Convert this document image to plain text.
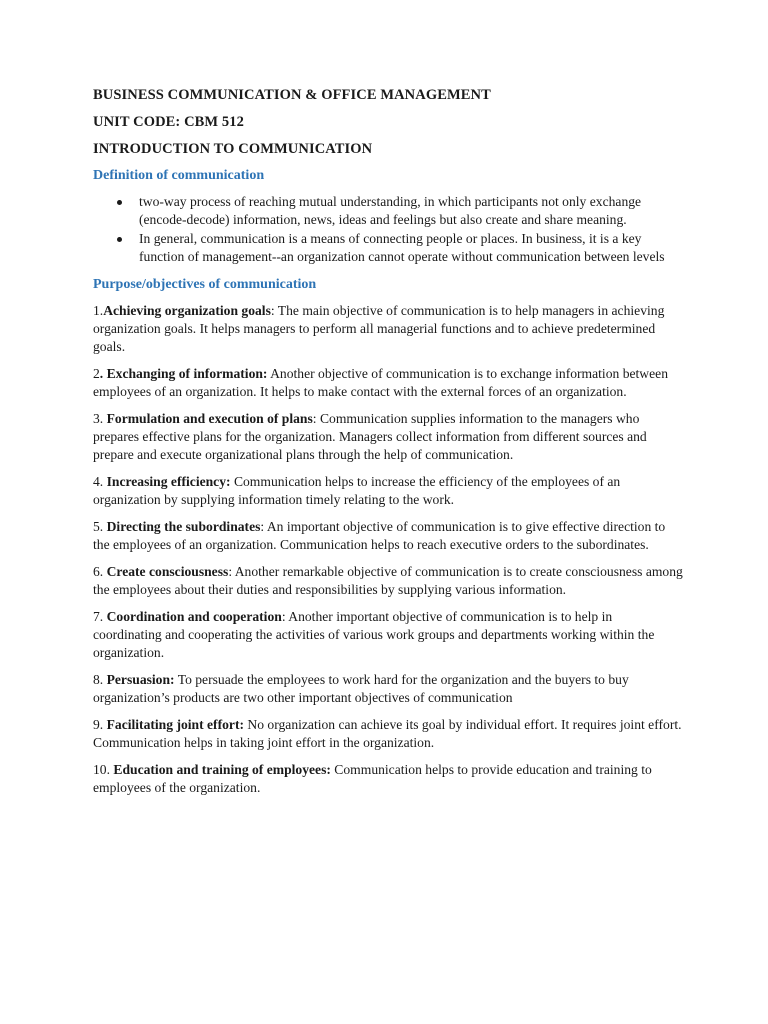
BUSINESS COMMUNICATION & OFFICE MANAGEMENT
UNIT CODE: CBM 512
INTRODUCTION TO COMMUNICATION
Definition of communication
two-way process of reaching mutual understanding, in which participants not only exchange (encode-decode) information, news, ideas and feelings but also create and share meaning.
In general, communication is a means of connecting people or places. In business, it is a key function of management--an organization cannot operate without communication between levels
Purpose/objectives of communication

1.Achieving organization goals: The main objective of communication is to help managers in achieving organization goals. It helps managers to perform all managerial functions and to achieve predetermined goals.

2. Exchanging of information: Another objective of communication is to exchange information between employees of an organization. It helps to make contact with the external forces of an organization.

3. Formulation and execution of plans: Communication supplies information to the managers who prepares effective plans for the organization. Managers collect information from different sources and prepare and execute organizational plans through the help of communication.

4. Increasing efficiency: Communication helps to increase the efficiency of the employees of an organization by supplying information timely relating to the work.

5. Directing the subordinates: An important objective of communication is to give effective direction to the employees of an organization. Communication helps to reach executive orders to the subordinates.

6. Create consciousness: Another remarkable objective of communication is to create consciousness among the employees about their duties and responsibilities by supplying various information.

7. Coordination and cooperation: Another important objective of communication is to help in coordinating and cooperating the activities of various work groups and departments working within the organization.

8. Persuasion: To persuade the employees to work hard for the organization and the buyers to buy organization’s products are two other important objectives of communication

9. Facilitating joint effort: No organization can achieve its goal by individual effort. It requires joint effort. Communication helps in taking joint effort in the organization.

10. Education and training of employees: Communication helps to provide education and training to employees of the organization.
